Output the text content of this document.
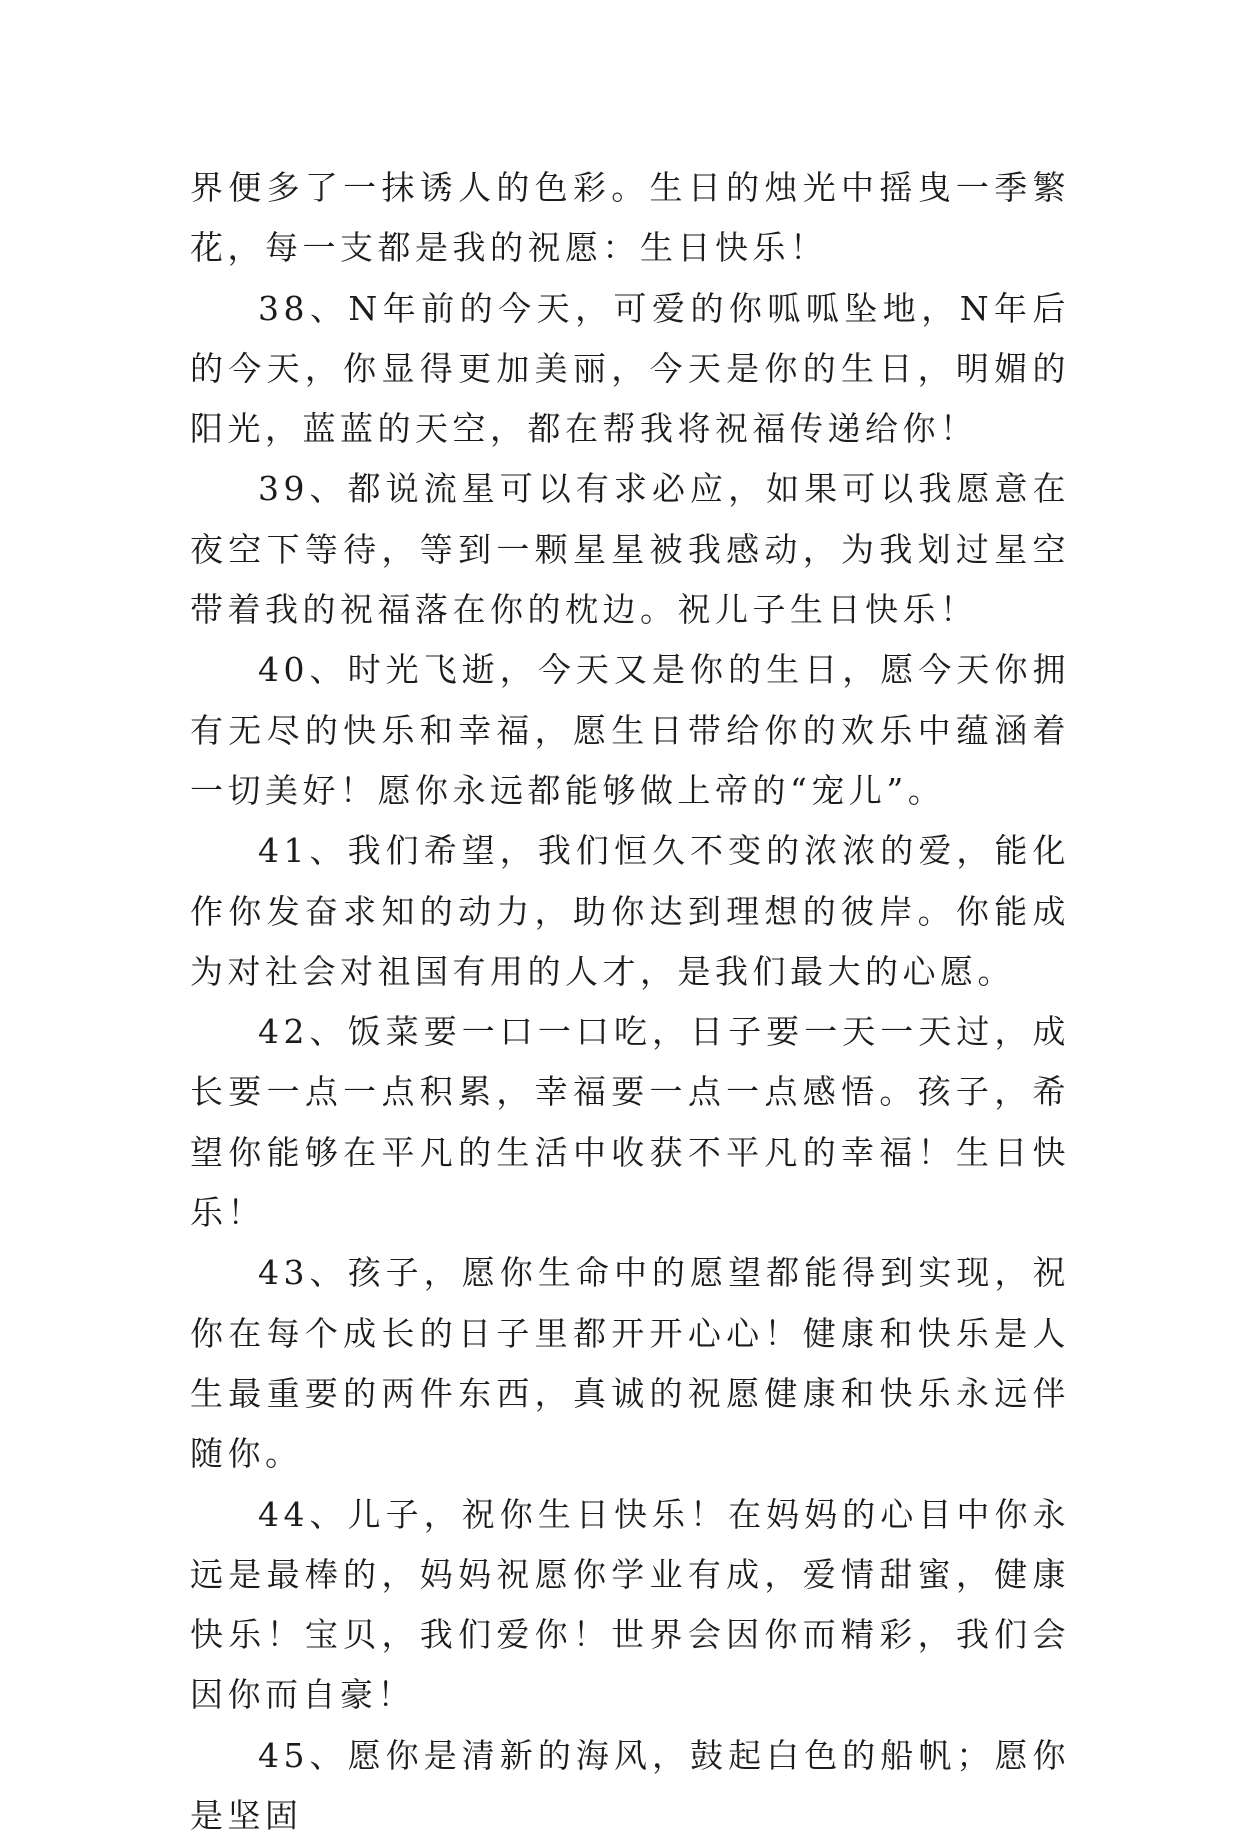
界便多了一抹诱人的色彩。生日的烛光中摇曳一季繁花，每一支都是我的祝愿：生日快乐！

38、N年前的今天，可爱的你呱呱坠地，N年后的今天，你显得更加美丽，今天是你的生日，明媚的阳光，蓝蓝的天空，都在帮我将祝福传递给你！

39、都说流星可以有求必应，如果可以我愿意在夜空下等待，等到一颗星星被我感动，为我划过星空带着我的祝福落在你的枕边。祝儿子生日快乐！

40、时光飞逝，今天又是你的生日，愿今天你拥有无尽的快乐和幸福，愿生日带给你的欢乐中蕴涵着一切美好！愿你永远都能够做上帝的“宠儿”。

41、我们希望，我们恒久不变的浓浓的爱，能化作你发奋求知的动力，助你达到理想的彼岸。你能成为对社会对祖国有用的人才，是我们最大的心愿。

42、饭菜要一口一口吃，日子要一天一天过，成长要一点一点积累，幸福要一点一点感悟。孩子，希望你能够在平凡的生活中收获不平凡的幸福！生日快乐！

43、孩子，愿你生命中的愿望都能得到实现，祝你在每个成长的日子里都开开心心！健康和快乐是人生最重要的两件东西，真诚的祝愿健康和快乐永远伴随你。

44、儿子，祝你生日快乐！在妈妈的心目中你永远是最棒的，妈妈祝愿你学业有成，爱情甜蜜，健康快乐！宝贝，我们爱你！世界会因你而精彩，我们会因你而自豪！

45、愿你是清新的海风，鼓起白色的船帆；愿你是坚固
